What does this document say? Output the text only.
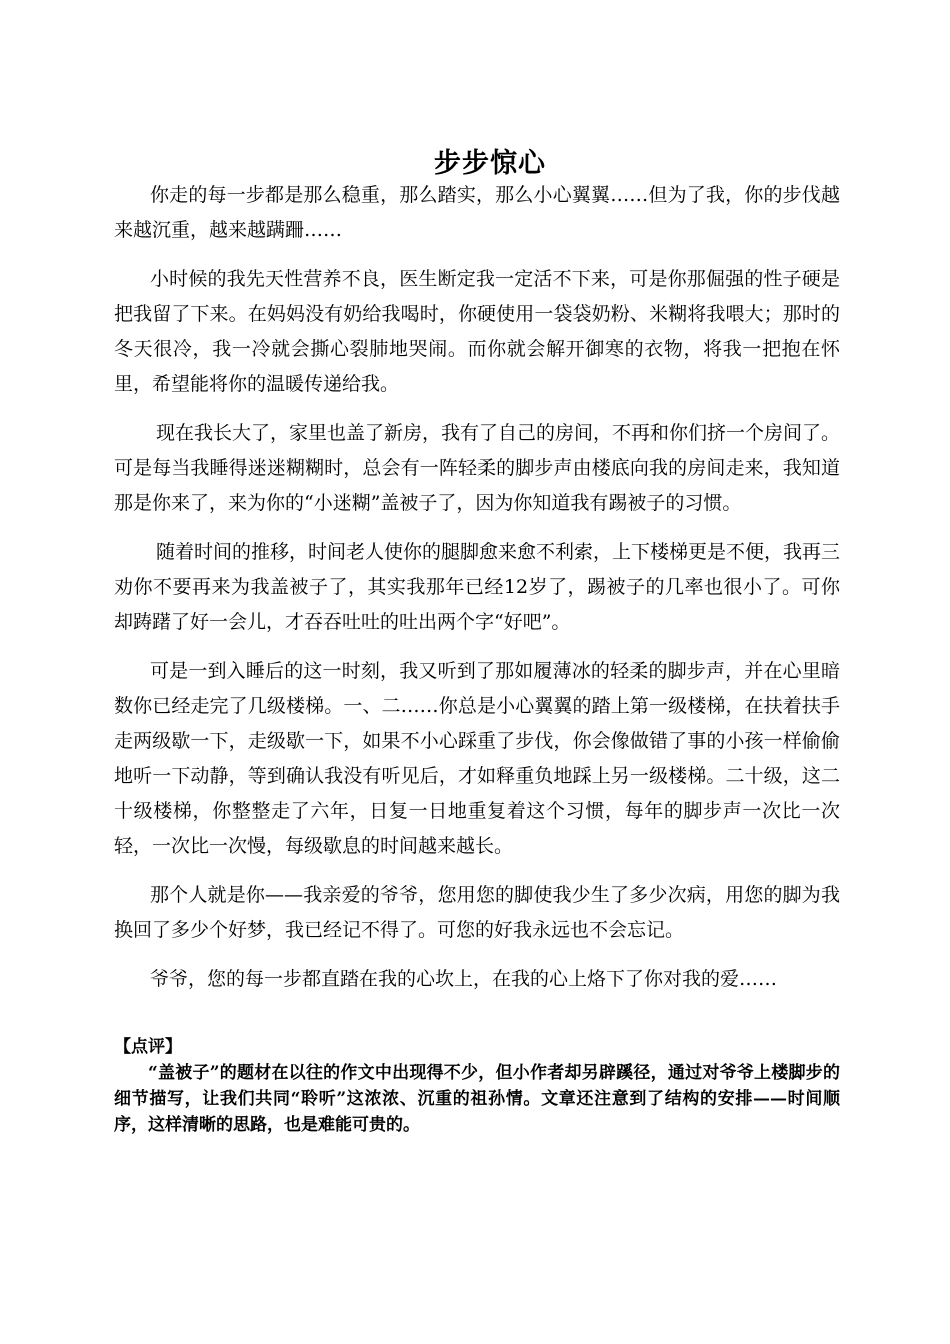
步步惊心

你走的每一步都是那么稳重，那么踏实，那么小心翼翼……但为了我，你的步伐越来越沉重，越来越蹒跚……

小时候的我先天性营养不良，医生断定我一定活不下来，可是你那倔强的性子硬是把我留了下来。在妈妈没有奶给我喝时，你硬使用一袋袋奶粉、米糊将我喂大；那时的冬天很冷，我一冷就会撕心裂肺地哭闹。而你就会解开御寒的衣物，将我一把抱在怀里，希望能将你的温暖传递给我。

现在我长大了，家里也盖了新房，我有了自己的房间，不再和你们挤一个房间了。可是每当我睡得迷迷糊糊时，总会有一阵轻柔的脚步声由楼底向我的房间走来，我知道那是你来了，来为你的“小迷糊”盖被子了，因为你知道我有踢被子的习惯。

随着时间的推移，时间老人使你的腿脚愈来愈不利索，上下楼梯更是不便，我再三劝你不要再来为我盖被子了，其实我那年已经12岁了，踢被子的几率也很小了。可你却踌躇了好一会儿，才吞吞吐吐的吐出两个字“好吧”。

可是一到入睡后的这一时刻，我又听到了那如履薄冰的轻柔的脚步声，并在心里暗数你已经走完了几级楼梯。一、二……你总是小心翼翼的踏上第一级楼梯，在扶着扶手走两级歇一下，走级歇一下，如果不小心踩重了步伐，你会像做错了事的小孩一样偷偷地听一下动静，等到确认我没有听见后，才如释重负地踩上另一级楼梯。二十级，这二十级楼梯，你整整走了六年，日复一日地重复着这个习惯，每年的脚步声一次比一次轻，一次比一次慢，每级歇息的时间越来越长。

那个人就是你——我亲爱的爷爷，您用您的脚使我少生了多少次病，用您的脚为我换回了多少个好梦，我已经记不得了。可您的好我永远也不会忘记。

爷爷，您的每一步都直踏在我的心坎上，在我的心上烙下了你对我的爱……

【点评】

“盖被子”的题材在以往的作文中出现得不少，但小作者却另辟蹊径，通过对爷爷上楼脚步的细节描写，让我们共同“聆听”这浓浓、沉重的祖孙情。文章还注意到了结构的安排——时间顺序，这样清晰的思路，也是难能可贵的。
